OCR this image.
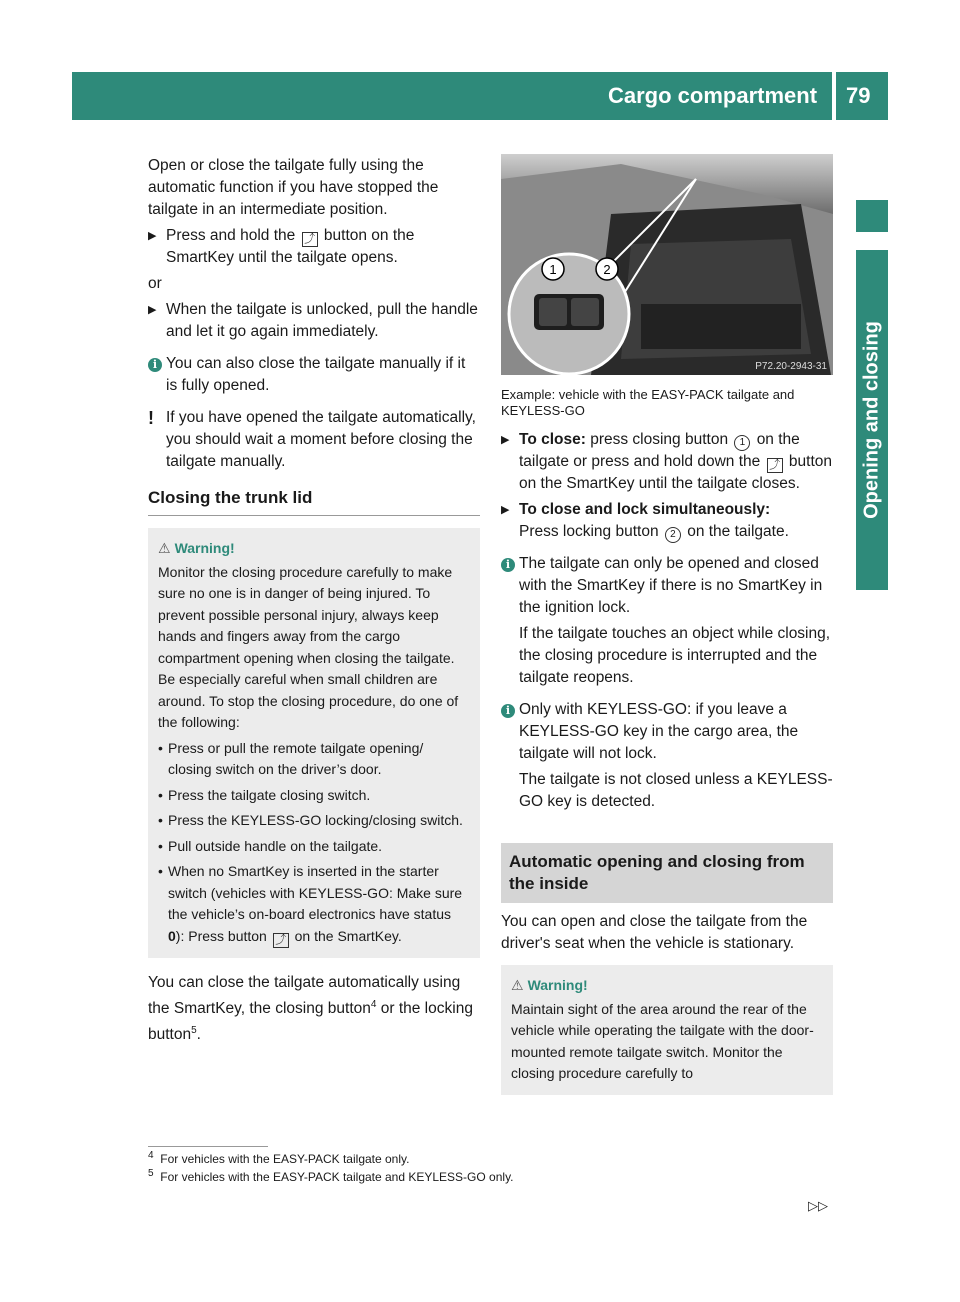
Cargo compartment 79
Opening and closing

Open or close the tailgate fully using the automatic function if you have stopped the tailgate in an intermediate position.

▶ Press and hold the ⤴ button on the SmartKey until the tailgate opens.

or

▶ When the tailgate is unlocked, pull the handle and let it go again immediately.
i You can also close the tailgate manually if it is fully opened.
! If you have opened the tailgate automatically, you should wait a moment before closing the tailgate manually.
Closing the trunk lid
⚠ Warning!
Monitor the closing procedure carefully to make sure no one is in danger of being injured. To prevent possible personal injury, always keep hands and fingers away from the cargo compartment opening when closing the tailgate. Be especially careful when small children are around. To stop the closing procedure, do one of the following:
• Press or pull the remote tailgate opening/ closing switch on the driver’s door.
• Press the tailgate closing switch.
• Press the KEYLESS-GO locking/closing switch.
• Pull outside handle on the tailgate.
• When no SmartKey is inserted in the starter switch (vehicles with KEYLESS-GO: Make sure the vehicle’s on-board electronics have status 0): Press button ⤴ on the SmartKey.

You can close the tailgate automatically using the SmartKey, the closing button$^4$ or the locking button$^5$.

1	2
P72.20-2943-31
Example: vehicle with the EASY-PACK tailgate and KEYLESS-GO
▶ To close: press closing button 1 on the tailgate or press and hold down the ⤴ button on the SmartKey until the tailgate closes.
▶ To close and lock simultaneously:
Press locking button 2 on the tailgate.
i The tailgate can only be opened and closed with the SmartKey if there is no SmartKey in the ignition lock.

If the tailgate touches an object while closing, the closing procedure is interrupted and the tailgate reopens.
i Only with KEYLESS-GO: if you leave a KEYLESS-GO key in the cargo area, the tailgate will not lock.

The tailgate is not closed unless a KEYLESS-GO key is detected.
Automatic opening and closing from the inside

You can open and close the tailgate from the driver's seat when the vehicle is stationary.

⚠ Warning!
Maintain sight of the area around the rear of the vehicle while operating the tailgate with the door-mounted remote tailgate switch. Monitor the closing procedure carefully to
$^4$ For vehicles with the EASY-PACK tailgate only.
$^5$ For vehicles with the EASY-PACK tailgate and KEYLESS-GO only.
▷▷
